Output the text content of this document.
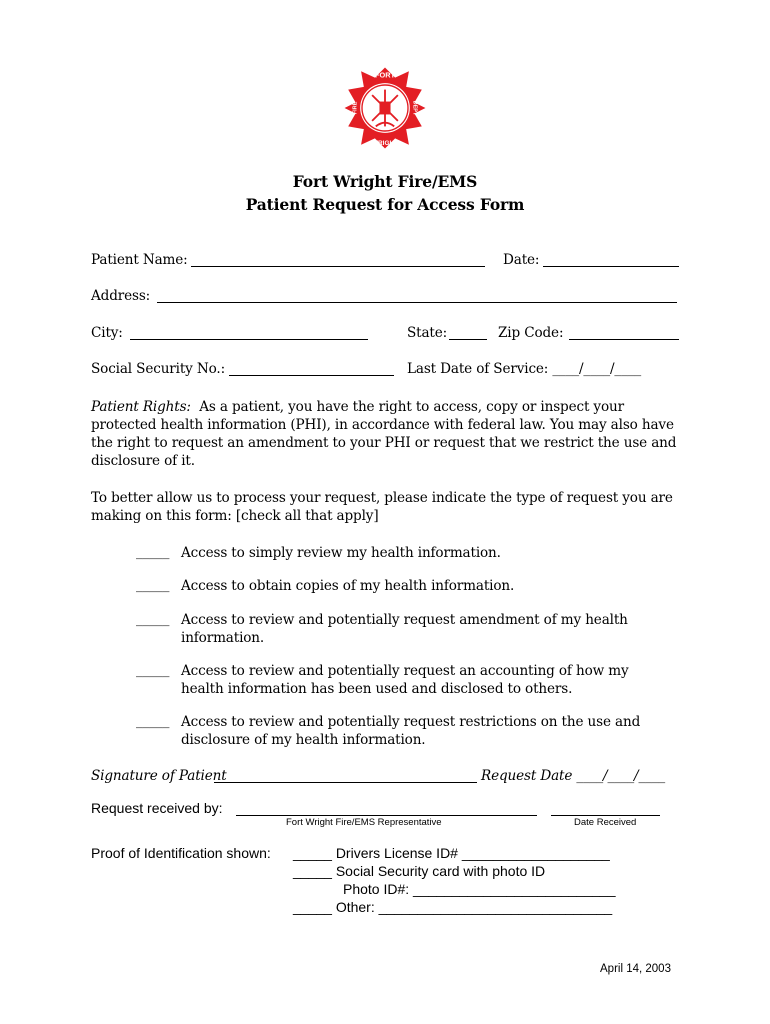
FORT
WRIGHT
FIRE	DEPT
Fort Wright Fire/EMS
Patient Request for Access Form
Patient Name:	Date:
Address:
City:	State:	Zip Code:
Social Security No.:	Last Date of Service: ____/____/____
Patient Rights: As a patient, you have the right to access, copy or inspect your protected health information (PHI), in accordance with federal law. You may also have the right to request an amendment to your PHI or request that we restrict the use and disclosure of it.
To better allow us to process your request, please indicate the type of request you are making on this form: [check all that apply]
_____ Access to simply review my health information.
_____ Access to obtain copies of my health information.
_____ Access to review and potentially request amendment of my health information.
_____ Access to review and potentially request an accounting of how my health information has been used and disclosed to others.
_____ Access to review and potentially request restrictions on the use and disclosure of my health information.
Signature of Patient	Request Date ____/____/____
Request received by:
Fort Wright Fire/EMS Representative	Date Received
Proof of Identification shown: _____ Drivers License ID# ___________________
_____ Social Security card with photo ID
Photo ID#: __________________________
_____ Other: ______________________________
April 14, 2003
